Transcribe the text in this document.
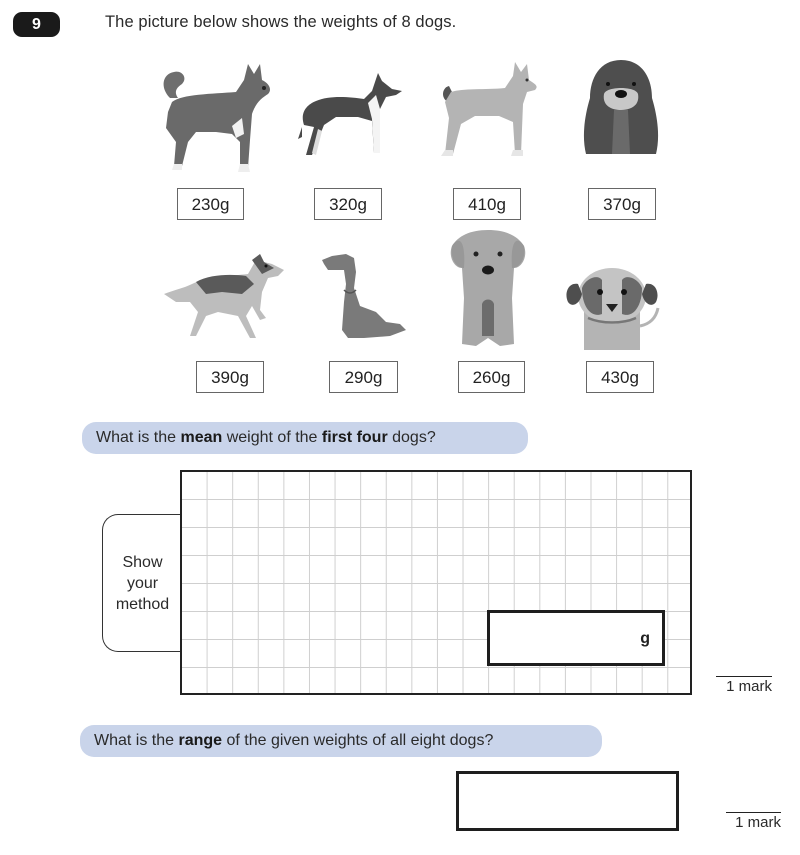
9	The picture below shows the weights of 8 dogs.
230g	320g	410g	370g
390g	290g	260g	430g
What is the mean weight of the first four dogs?
Show
your
method
g
1 mark
What is the range of the given weights of all eight dogs?
1 mark
